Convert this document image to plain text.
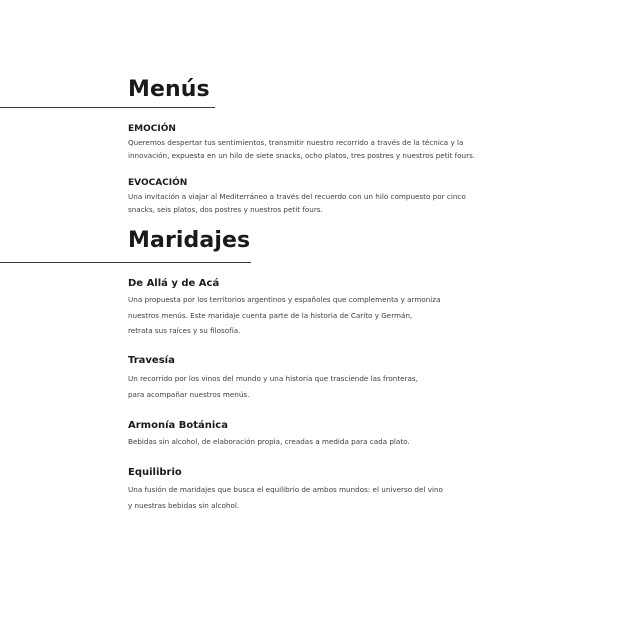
Menús
EMOCIÓN

Queremos despertar tus sentimientos, transmitir nuestro recorrido a través de la técnica y la
innovación, expuesta en un hilo de siete snacks, ocho platos, tres postres y nuestros petit fours.

EVOCACIÓN

Una invitación a viajar al Mediterráneo a través del recuerdo con un hilo compuesto por cinco
snacks, seis platos, dos postres y nuestros petit fours.

Maridajes
De Allá y de Acá

Una propuesta por los territorios argentinos y españoles que complementa y armoniza
nuestros menús. Este maridaje cuenta parte de la historia de Carito y Germán,
retrata sus raíces y su filosofía.

Travesía

Un recorrido por los vinos del mundo y una historia que trasciende las fronteras,
para acompañar nuestros menús.

Armonía Botánica

Bebidas sin alcohol, de elaboración propia, creadas a medida para cada plato.

Equilibrio

Una fusión de maridajes que busca el equilibrio de ambos mundos: el universo del vino
y nuestras bebidas sin alcohol.
